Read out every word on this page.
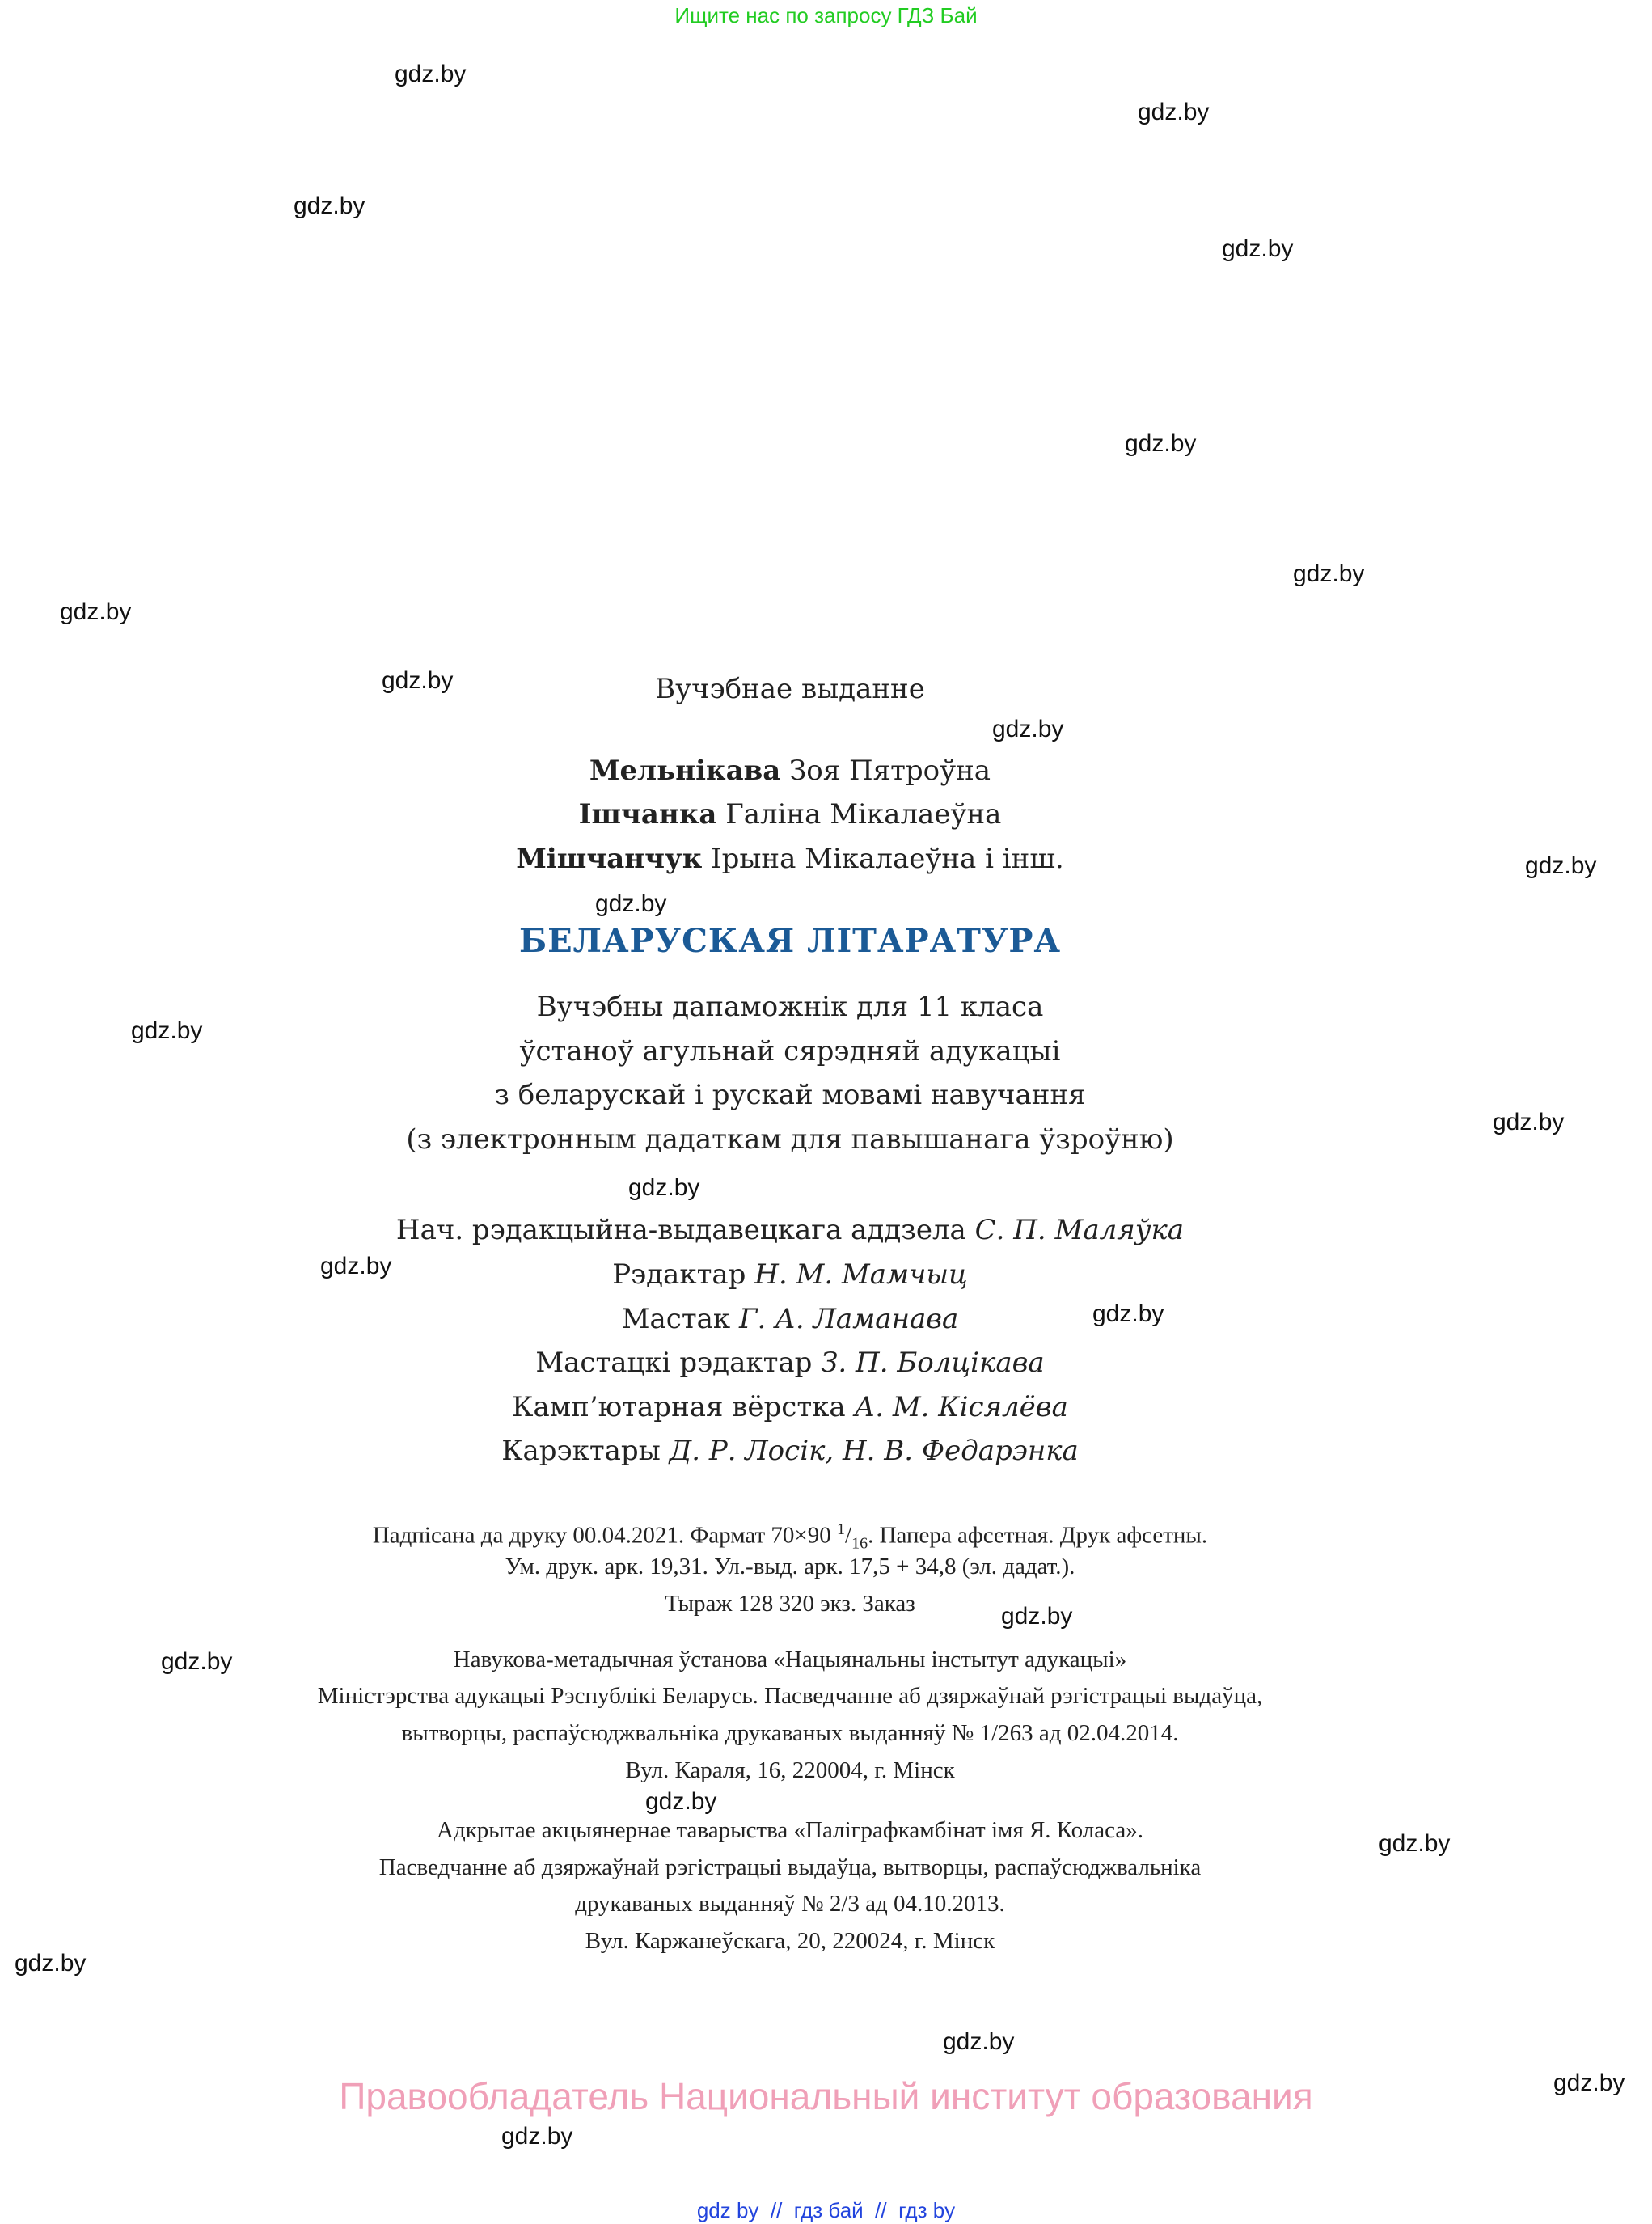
Ищите нас по запросу ГДЗ Бай
Вучэбнае выданне
Мельнікава Зоя Пятроўна
Ішчанка Галіна Мікалаеўна
Мішчанчук Ірына Мікалаеўна і інш.
БЕЛАРУСКАЯ ЛІТАРАТУРА
Вучэбны дапаможнік для 11 класа
ўстаноў агульнай сярэдняй адукацыі
з беларускай і рускай мовамі навучання
(з электронным дадаткам для павышанага ўзроўню)
Нач. рэдакцыйна-выдавецкага аддзела С. П. Маляўка
Рэдактар Н. М. Мамчыц
Мастак Г. А. Ламанава
Мастацкі рэдактар З. П. Болцікава
Камп’ютарная вёрстка А. М. Кісялёва
Карэктары Д. Р. Лосік, Н. В. Федарэнка
Падпісана да друку 00.04.2021. Фармат 70×90 $^1/_{16}$. Папера афсетная. Друк афсетны.
Ум. друк. арк. 19,31. Ул.-выд. арк. 17,5 + 34,8 (эл. дадат.).
Тыраж 128 320 экз. Заказ
Навукова-метадычная ўстанова «Нацыянальны інстытут адукацыі»
Міністэрства адукацыі Рэспублікі Беларусь. Пасведчанне аб дзяржаўнай рэгістрацыі выдаўца,
вытворцы, распаўсюджвальніка друкаваных выданняў № 1/263 ад 02.04.2014.
Вул. Караля, 16, 220004, г. Мінск
Адкрытае акцыянернае таварыства «Паліграфкамбінат імя Я. Коласа».
Пасведчанне аб дзяржаўнай рэгістрацыі выдаўца, вытворцы, распаўсюджвальніка
друкаваных выданняў № 2/3 ад 04.10.2013.
Вул. Каржанеўскага, 20, 220024, г. Мінск
Правообладатель Национальный институт образования
gdz.by
gdz.by
gdz.by
gdz.by
gdz.by
gdz.by
gdz.by
gdz.by
gdz.by
gdz.by
gdz.by
gdz.by
gdz.by
gdz.by
gdz.by
gdz.by
gdz.by
gdz.by
gdz.by
gdz.by
gdz.by
gdz.by
gdz.by
gdz.by
gdz by // гдз бай // гдз by
